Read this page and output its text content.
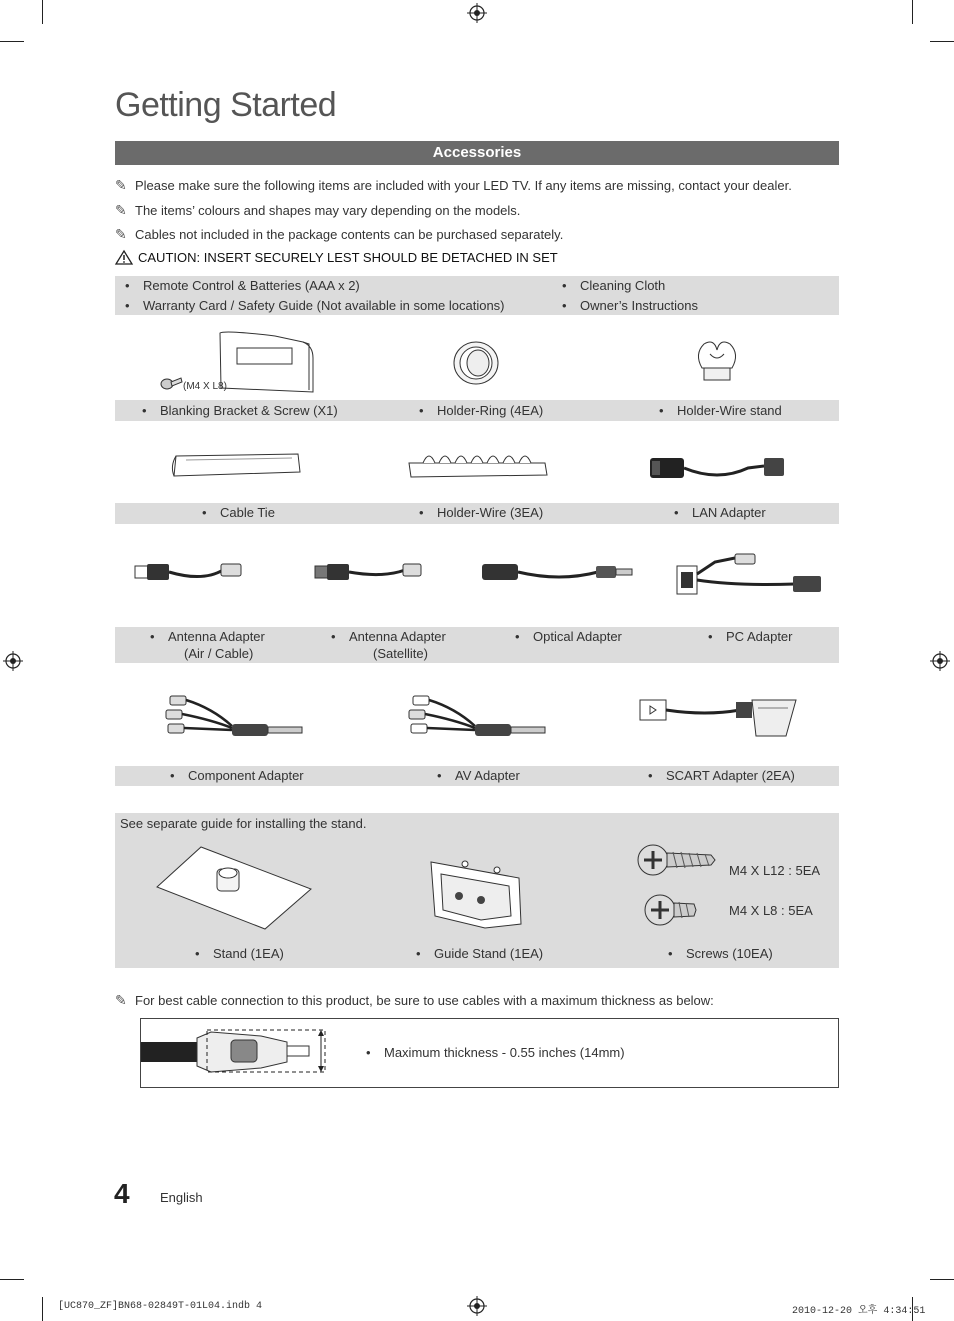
Getting Started
Accessories
✎ Please make sure the following items are included with your LED TV. If any items are missing, contact your dealer.
✎ The items’ colours and shapes may vary depending on the models.
✎ Cables not included in the package contents can be purchased separately.
CAUTION: INSERT SECURELY LEST SHOULD BE DETACHED IN SET
• Remote Control & Batteries (AAA x 2)
• Warranty Card / Safety Guide (Not available in some locations)
• Cleaning Cloth
• Owner’s Instructions
(M4 X L8)
• Blanking Bracket & Screw (X1)	• Holder-Ring (4EA)	• Holder-Wire stand
• Cable Tie	• Holder-Wire (3EA)	• LAN Adapter
• Antenna Adapter
(Air / Cable)
• Antenna Adapter
(Satellite)
• Optical Adapter	• PC Adapter
• Component Adapter	• AV Adapter	• SCART Adapter (2EA)
See separate guide for installing the stand.
M4 X L12 : 5EA
M4 X L8 : 5EA
• Stand (1EA)	• Guide Stand (1EA)	• Screws (10EA)
✎ For best cable connection to this product, be sure to use cables with a maximum thickness as below:
• Maximum thickness - 0.55 inches (14mm)
4 English
[UC870_ZF]BN68-02849T-01L04.indb 4	2010-12-20 오후 4:34:51
